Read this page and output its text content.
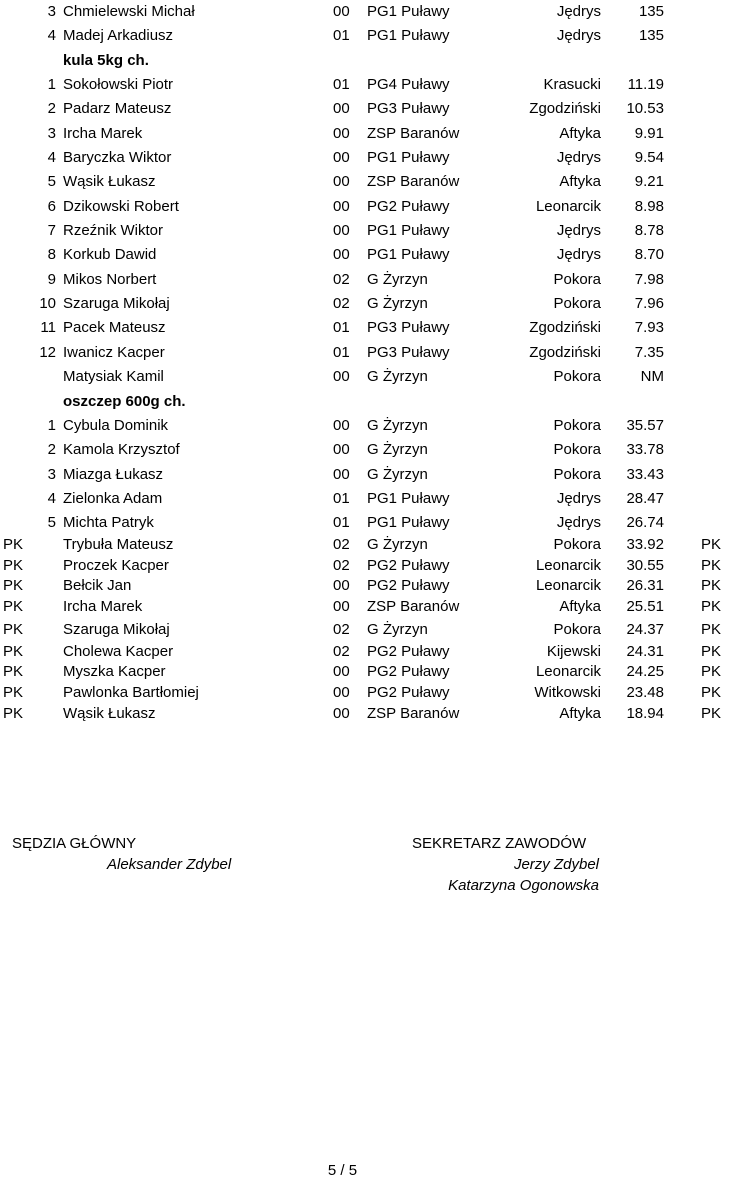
3 Chmielewski Michał	00 PG1 Puławy	Jędrys	135
4 Madej Arkadiusz	01 PG1 Puławy	Jędrys	135
kula 5kg ch.
1 Sokołowski Piotr	01 PG4 Puławy	Krasucki 11.19
2 Padarz Mateusz	00 PG3 Puławy	Zgodziński 10.53
3 Ircha Marek	00 ZSP Baranów	Aftyka 9.91
4 Baryczka Wiktor	00 PG1 Puławy	Jędrys 9.54
5 Wąsik Łukasz	00 ZSP Baranów	Aftyka 9.21
6 Dzikowski Robert	00 PG2 Puławy	Leonarcik 8.98
7 Rzeźnik Wiktor	00 PG1 Puławy	Jędrys 8.78
8 Korkub Dawid	00 PG1 Puławy	Jędrys 8.70
9 Mikos Norbert	02 G Żyrzyn	Pokora 7.98
10 Szaruga Mikołaj	02 G Żyrzyn	Pokora 7.96
11 Pacek Mateusz	01 PG3 Puławy	Zgodziński 7.93
12 Iwanicz Kacper	01 PG3 Puławy	Zgodziński 7.35
Matysiak Kamil	00 G Żyrzyn	Pokora	NM
oszczep 600g ch.
1 Cybula Dominik	00 G Żyrzyn	Pokora 35.57
2 Kamola Krzysztof	00 G Żyrzyn	Pokora 33.78
3 Miazga Łukasz	00 G Żyrzyn	Pokora 33.43
4 Zielonka Adam	01 PG1 Puławy	Jędrys 28.47
5 Michta Patryk	01 PG1 Puławy	Jędrys 26.74
PK	Trybuła Mateusz	02 G Żyrzyn	Pokora 33.92 PK
PK	Proczek Kacper	02 PG2 Puławy	Leonarcik 30.55 PK
PK	Bełcik Jan	00 PG2 Puławy	Leonarcik 26.31 PK
PK	Ircha Marek	00 ZSP Baranów	Aftyka 25.51 PK
PK	Szaruga Mikołaj	02 G Żyrzyn	Pokora 24.37 PK
PK	Cholewa Kacper	02 PG2 Puławy	Kijewski 24.31 PK
PK	Myszka Kacper	00 PG2 Puławy	Leonarcik 24.25 PK
PK	Pawlonka Bartłomiej	00 PG2 Puławy	Witkowski 23.48 PK
PK	Wąsik Łukasz	00 ZSP Baranów	Aftyka 18.94 PK
SĘDZIA GŁÓWNY
Aleksander Zdybel
SEKRETARZ ZAWODÓW
Jerzy Zdybel
Katarzyna Ogonowska
5 / 5
